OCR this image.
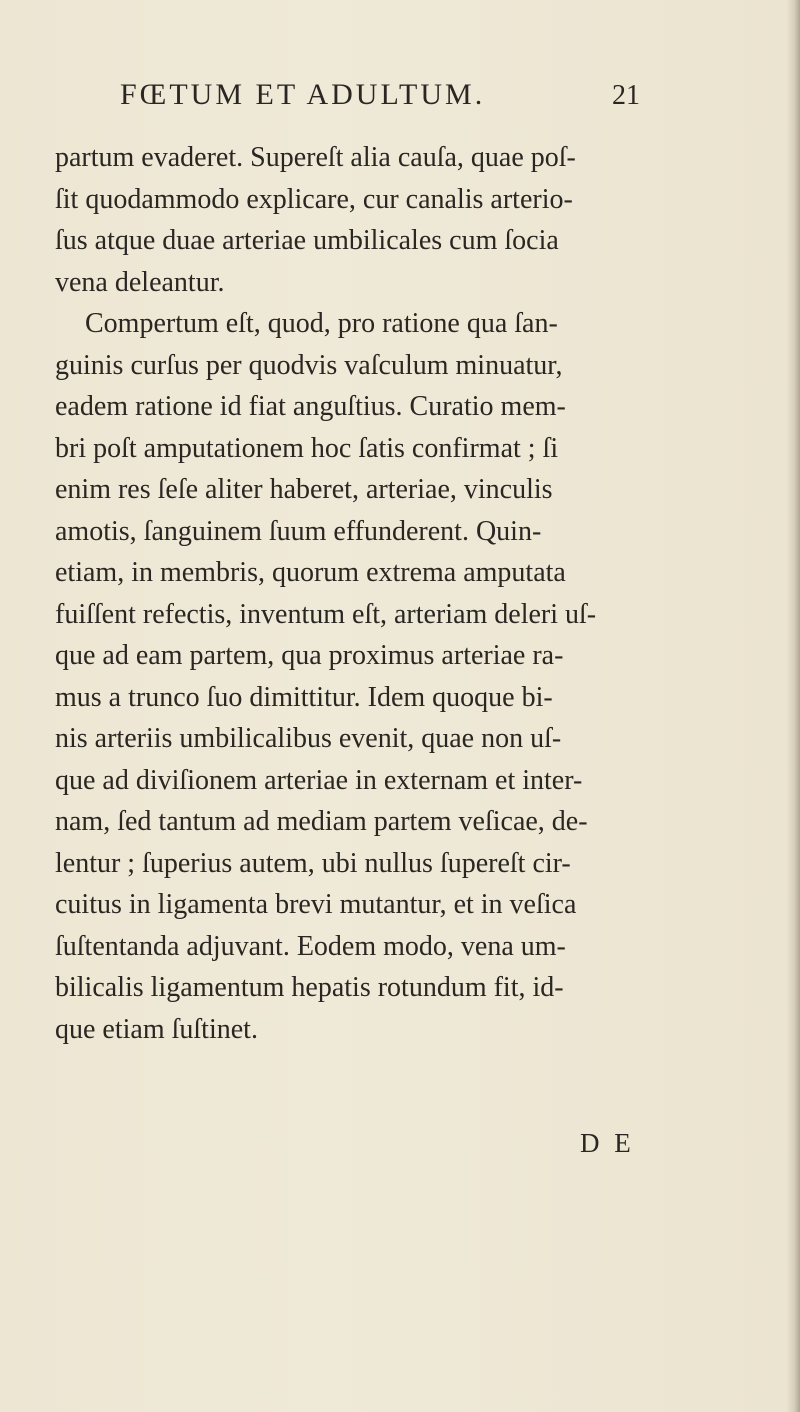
FŒTUM ET ADULTUM.	21
partum evaderet. Supereſt alia cauſa, quae poſ-
ſit quodammodo explicare, cur canalis arterio-
ſus atque duae arteriae umbilicales cum ſocia
vena deleantur.
Compertum eſt, quod, pro ratione qua ſan-
guinis curſus per quodvis vaſculum minuatur,
eadem ratione id fiat anguſtius. Curatio mem-
bri poſt amputationem hoc ſatis confirmat ; ſi
enim res ſeſe aliter haberet, arteriae, vinculis
amotis, ſanguinem ſuum effunderent. Quin-
etiam, in membris, quorum extrema amputata
fuiſſent refectis, inventum eſt, arteriam deleri uſ-
que ad eam partem, qua proximus arteriae ra-
mus a trunco ſuo dimittitur. Idem quoque bi-
nis arteriis umbilicalibus evenit, quae non uſ-
que ad diviſionem arteriae in externam et inter-
nam, ſed tantum ad mediam partem veſicae, de-
lentur ; ſuperius autem, ubi nullus ſupereſt cir-
cuitus in ligamenta brevi mutantur, et in veſica
ſuſtentanda adjuvant. Eodem modo, vena um-
bilicalis ligamentum hepatis rotundum fit, id-
que etiam ſuſtinet.
D E
